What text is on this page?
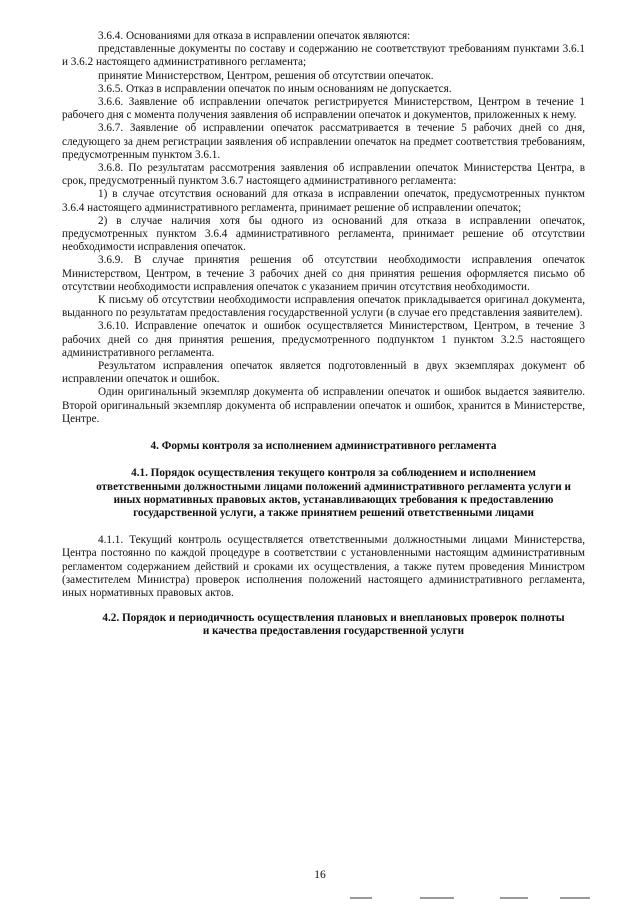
3.6.4. Основаниями для отказа в исправлении опечаток являются:

представленные документы по составу и содержанию не соответствуют требованиям пунктами 3.6.1 и 3.6.2 настоящего административного регламента;

принятие Министерством, Центром, решения об отсутствии опечаток.

3.6.5. Отказ в исправлении опечаток по иным основаниям не допускается.

3.6.6. Заявление об исправлении опечаток регистрируется Министерством, Центром в течение 1 рабочего дня с момента получения заявления об исправлении опечаток и документов, приложенных к нему.

3.6.7. Заявление об исправлении опечаток рассматривается в течение 5 рабочих дней со дня, следующего за днем регистрации заявления об исправлении опечаток на предмет соответствия требованиям, предусмотренным пунктом 3.6.1.

3.6.8. По результатам рассмотрения заявления об исправлении опечаток Министерства Центра, в срок, предусмотренный пунктом 3.6.7 настоящего административного регламента:

1) в случае отсутствия оснований для отказа в исправлении опечаток, предусмотренных пунктом 3.6.4 настоящего административного регламента, принимает решение об исправлении опечаток;

2) в случае наличия хотя бы одного из оснований для отказа в исправлении опечаток, предусмотренных пунктом 3.6.4 административного регламента, принимает решение об отсутствии необходимости исправления опечаток.

3.6.9. В случае принятия решения об отсутствии необходимости исправления опечаток Министерством, Центром, в течение 3 рабочих дней со дня принятия решения оформляется письмо об отсутствии необходимости исправления опечаток с указанием причин отсутствия необходимости.

К письму об отсутствии необходимости исправления опечаток прикладывается оригинал документа, выданного по результатам предоставления государственной услуги (в случае его представления заявителем).

3.6.10. Исправление опечаток и ошибок осуществляется Министерством, Центром, в течение 3 рабочих дней со дня принятия решения, предусмотренного подпунктом 1 пунктом 3.2.5 настоящего административного регламента.

Результатом исправления опечаток является подготовленный в двух экземплярах документ об исправлении опечаток и ошибок.

Один оригинальный экземпляр документа об исправлении опечаток и ошибок выдается заявителю. Второй оригинальный экземпляр документа об исправлении опечаток и ошибок, хранится в Министерстве, Центре.

4. Формы контроля за исполнением административного регламента
4.1. Порядок осуществления текущего контроля за соблюдением и исполнением ответственными должностными лицами положений административного регламента услуги и иных нормативных правовых актов, устанавливающих требования к предоставлению государственной услуги, а также принятием решений ответственными лицами

4.1.1. Текущий контроль осуществляется ответственными должностными лицами Министерства, Центра постоянно по каждой процедуре в соответствии с установленными настоящим административным регламентом содержанием действий и сроками их осуществления, а также путем проведения Министром (заместителем Министра) проверок исполнения положений настоящего административного регламента, иных нормативных правовых актов.

4.2. Порядок и периодичность осуществления плановых и внеплановых проверок полноты и качества предоставления государственной услуги
16
